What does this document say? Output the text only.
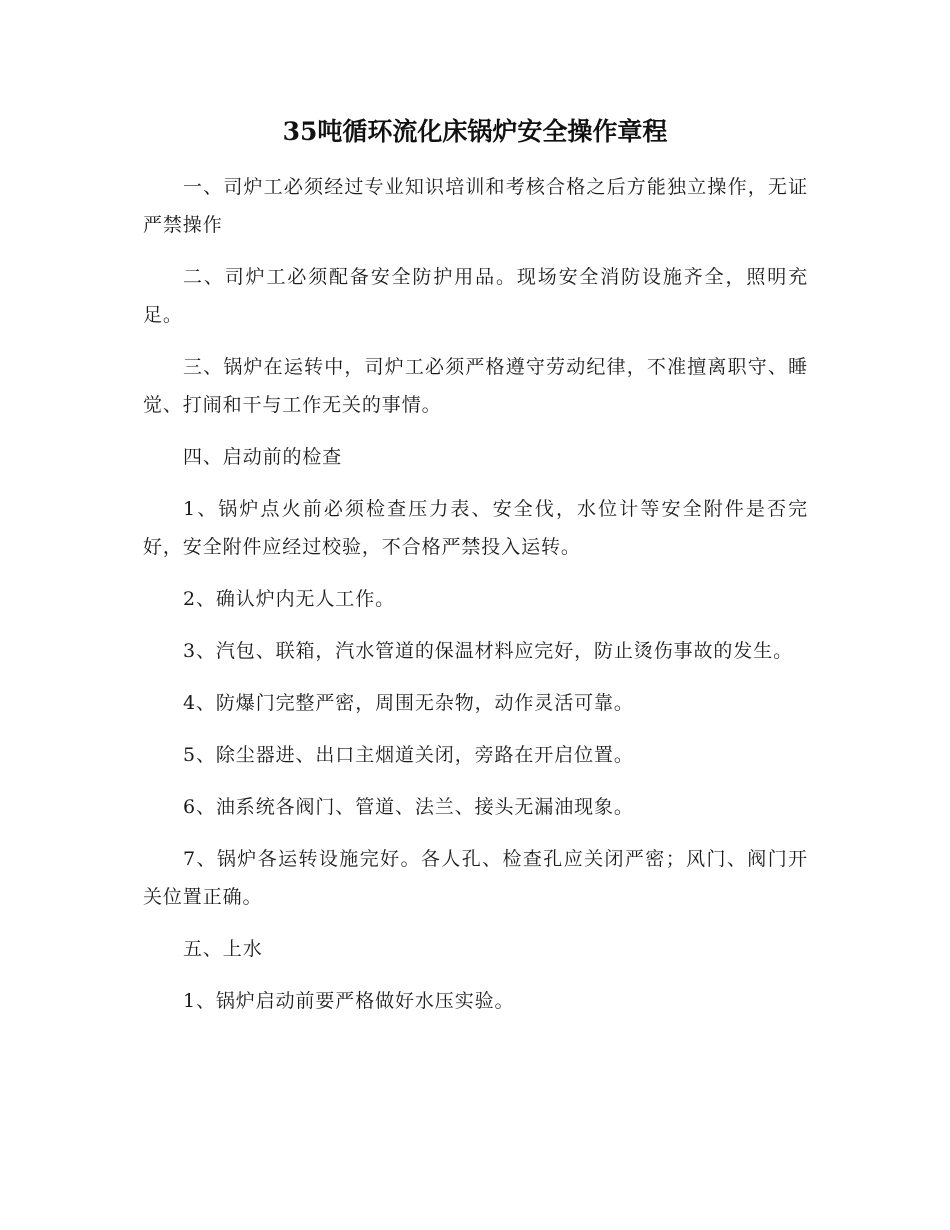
35吨循环流化床锅炉安全操作章程

一、司炉工必须经过专业知识培训和考核合格之后方能独立操作，无证严禁操作

二、司炉工必须配备安全防护用品。现场安全消防设施齐全，照明充足。

三、锅炉在运转中，司炉工必须严格遵守劳动纪律，不准擅离职守、睡觉、打闹和干与工作无关的事情。

四、启动前的检查

1、锅炉点火前必须检查压力表、安全伐，水位计等安全附件是否完好，安全附件应经过校验，不合格严禁投入运转。

2、确认炉内无人工作。

3、汽包、联箱，汽水管道的保温材料应完好，防止烫伤事故的发生。

4、防爆门完整严密，周围无杂物，动作灵活可靠。

5、除尘器进、出口主烟道关闭，旁路在开启位置。

6、油系统各阀门、管道、法兰、接头无漏油现象。

7、锅炉各运转设施完好。各人孔、检查孔应关闭严密；风门、阀门开关位置正确。

五、上水

1、锅炉启动前要严格做好水压实验。
